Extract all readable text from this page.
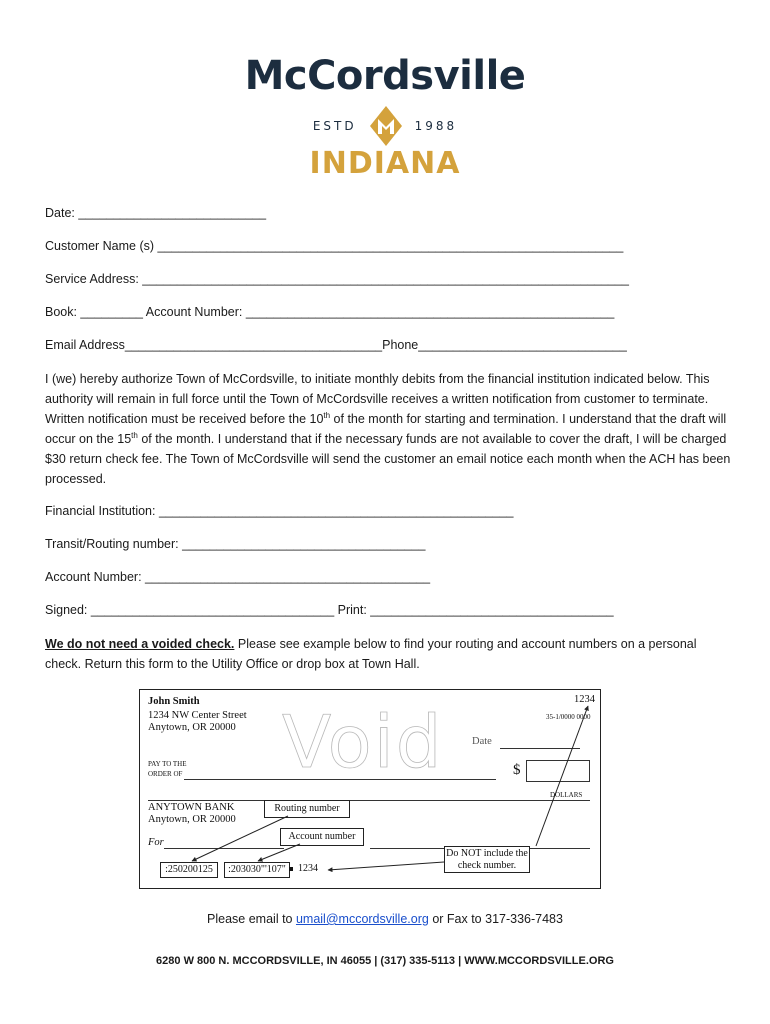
McCordsville
ESTD	1988
INDIANA
Date: ___________________________
Customer Name (s) ___________________________________________________________________
Service Address: ______________________________________________________________________
Book: _________ Account Number: _____________________________________________________
Email Address_____________________________________Phone______________________________
I (we) hereby authorize Town of McCordsville, to initiate monthly debits from the financial institution indicated below. This authority will remain in full force until the Town of McCordsville receives a written notification from customer to terminate. Written notification must be received before the 10th of the month for starting and termination. I understand that the draft will occur on the 15th of the month. I understand that if the necessary funds are not available to cover the draft, I will be charged $30 return check fee. The Town of McCordsville will send the customer an email notice each month when the ACH has been processed.
Financial Institution: ___________________________________________________
Transit/Routing number: ___________________________________
Account Number: _________________________________________
Signed: ___________________________________ Print: ___________________________________
We do not need a voided check. Please see example below to find your routing and account numbers on a personal check. Return this form to the Utility Office or drop box at Town Hall.
Void
John Smith
1234 NW Center Street
Anytown, OR 20000
1234
35-1/0000 0000
Date
PAY TO THE
ORDER OF	$
DOLLARS
ANYTOWN BANK
Anytown, OR 20000
For
Routing number
Account number
Do NOT include the check number.
:250200125	:203030"'107"	1234
Please email to umail@mccordsville.org or Fax to 317-336-7483
6280 W 800 N. MCCORDSVILLE, IN 46055 | (317) 335-5113 | WWW.MCCORDSVILLE.ORG
